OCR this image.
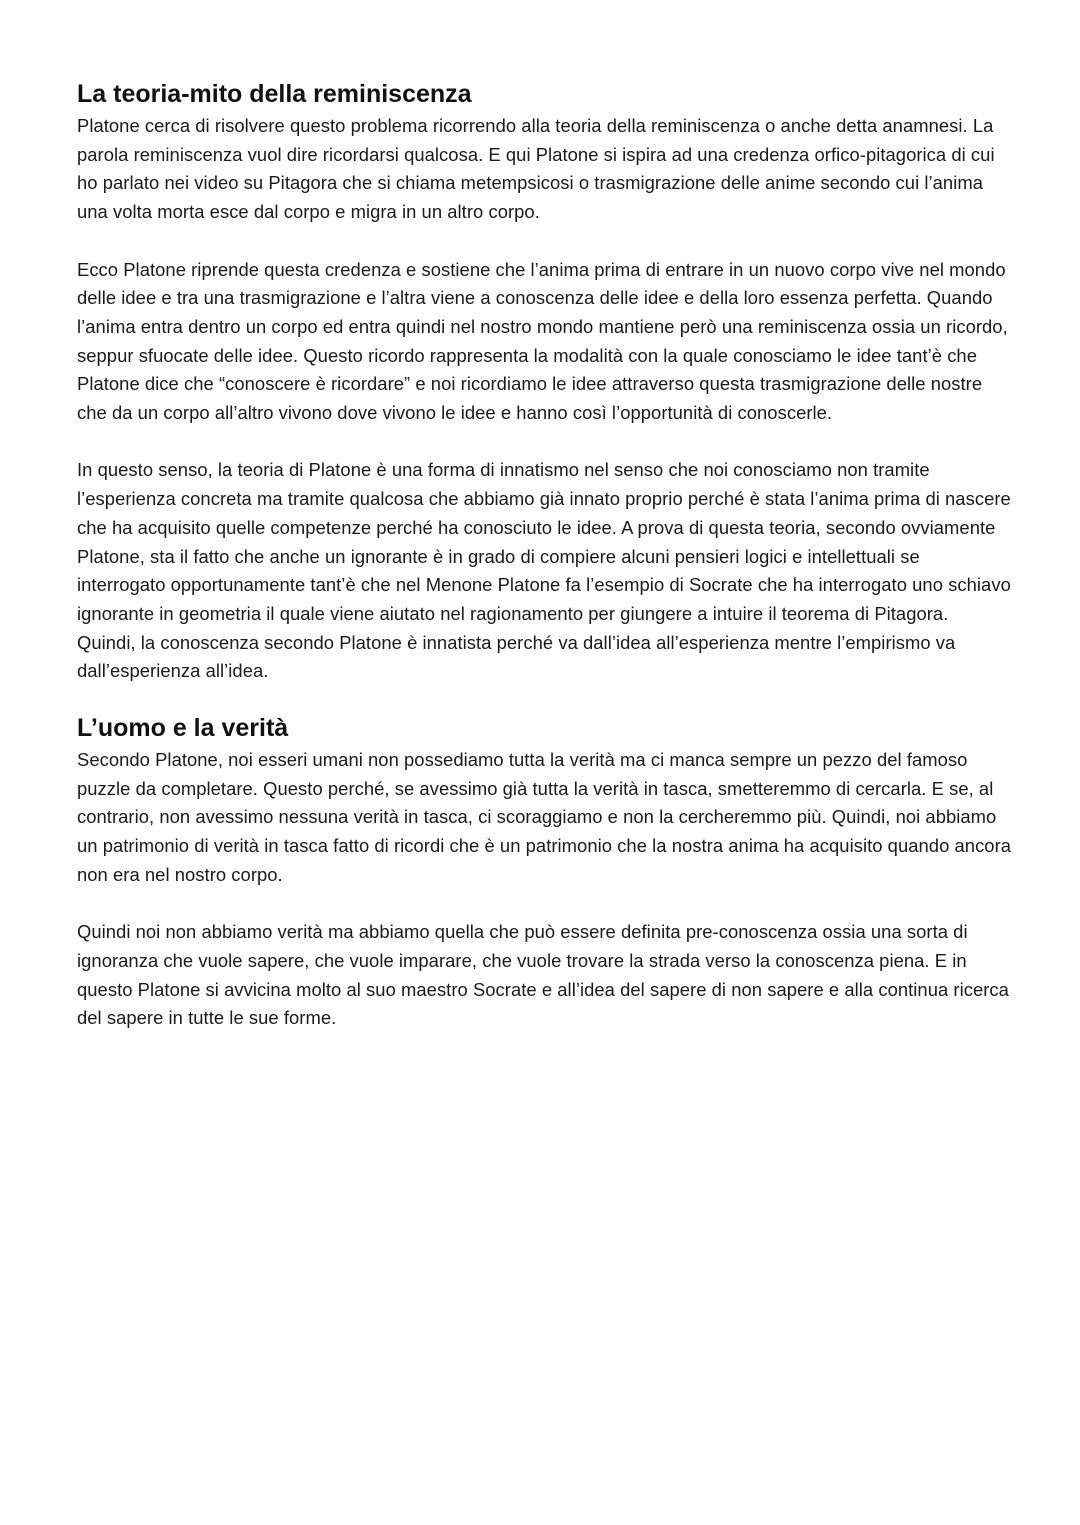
La teoria-mito della reminiscenza

Platone cerca di risolvere questo problema ricorrendo alla teoria della reminiscenza o anche detta anamnesi. La parola reminiscenza vuol dire ricordarsi qualcosa. E qui Platone si ispira ad una credenza orfico-pitagorica di cui ho parlato nei video su Pitagora che si chiama metempsicosi o trasmigrazione delle anime secondo cui l’anima una volta morta esce dal corpo e migra in un altro corpo.

Ecco Platone riprende questa credenza e sostiene che l’anima prima di entrare in un nuovo corpo vive nel mondo delle idee e tra una trasmigrazione e l’altra viene a conoscenza delle idee e della loro essenza perfetta. Quando l’anima entra dentro un corpo ed entra quindi nel nostro mondo mantiene però una reminiscenza ossia un ricordo, seppur sfuocate delle idee. Questo ricordo rappresenta la modalità con la quale conosciamo le idee tant’è che Platone dice che “conoscere è ricordare” e noi ricordiamo le idee attraverso questa trasmigrazione delle nostre che da un corpo all’altro vivono dove vivono le idee e hanno così l’opportunità di conoscerle.

In questo senso, la teoria di Platone è una forma di innatismo nel senso che noi conosciamo non tramite l’esperienza concreta ma tramite qualcosa che abbiamo già innato proprio perché è stata l’anima prima di nascere che ha acquisito quelle competenze perché ha conosciuto le idee. A prova di questa teoria, secondo ovviamente Platone, sta il fatto che anche un ignorante è in grado di compiere alcuni pensieri logici e intellettuali se interrogato opportunamente tant’è che nel Menone Platone fa l’esempio di Socrate che ha interrogato uno schiavo ignorante in geometria il quale viene aiutato nel ragionamento per giungere a intuire il teorema di Pitagora.

Quindi, la conoscenza secondo Platone è innatista perché va dall’idea all’esperienza mentre l’empirismo va dall’esperienza all’idea.

L’uomo e la verità

Secondo Platone, noi esseri umani non possediamo tutta la verità ma ci manca sempre un pezzo del famoso puzzle da completare. Questo perché, se avessimo già tutta la verità in tasca, smetteremmo di cercarla. E se, al contrario, non avessimo nessuna verità in tasca, ci scoraggiamo e non la cercheremmo più. Quindi, noi abbiamo un patrimonio di verità in tasca fatto di ricordi che è un patrimonio che la nostra anima ha acquisito quando ancora non era nel nostro corpo.

Quindi noi non abbiamo verità ma abbiamo quella che può essere definita pre-conoscenza ossia una sorta di ignoranza che vuole sapere, che vuole imparare, che vuole trovare la strada verso la conoscenza piena. E in questo Platone si avvicina molto al suo maestro Socrate e all’idea del sapere di non sapere e alla continua ricerca del sapere in tutte le sue forme.
